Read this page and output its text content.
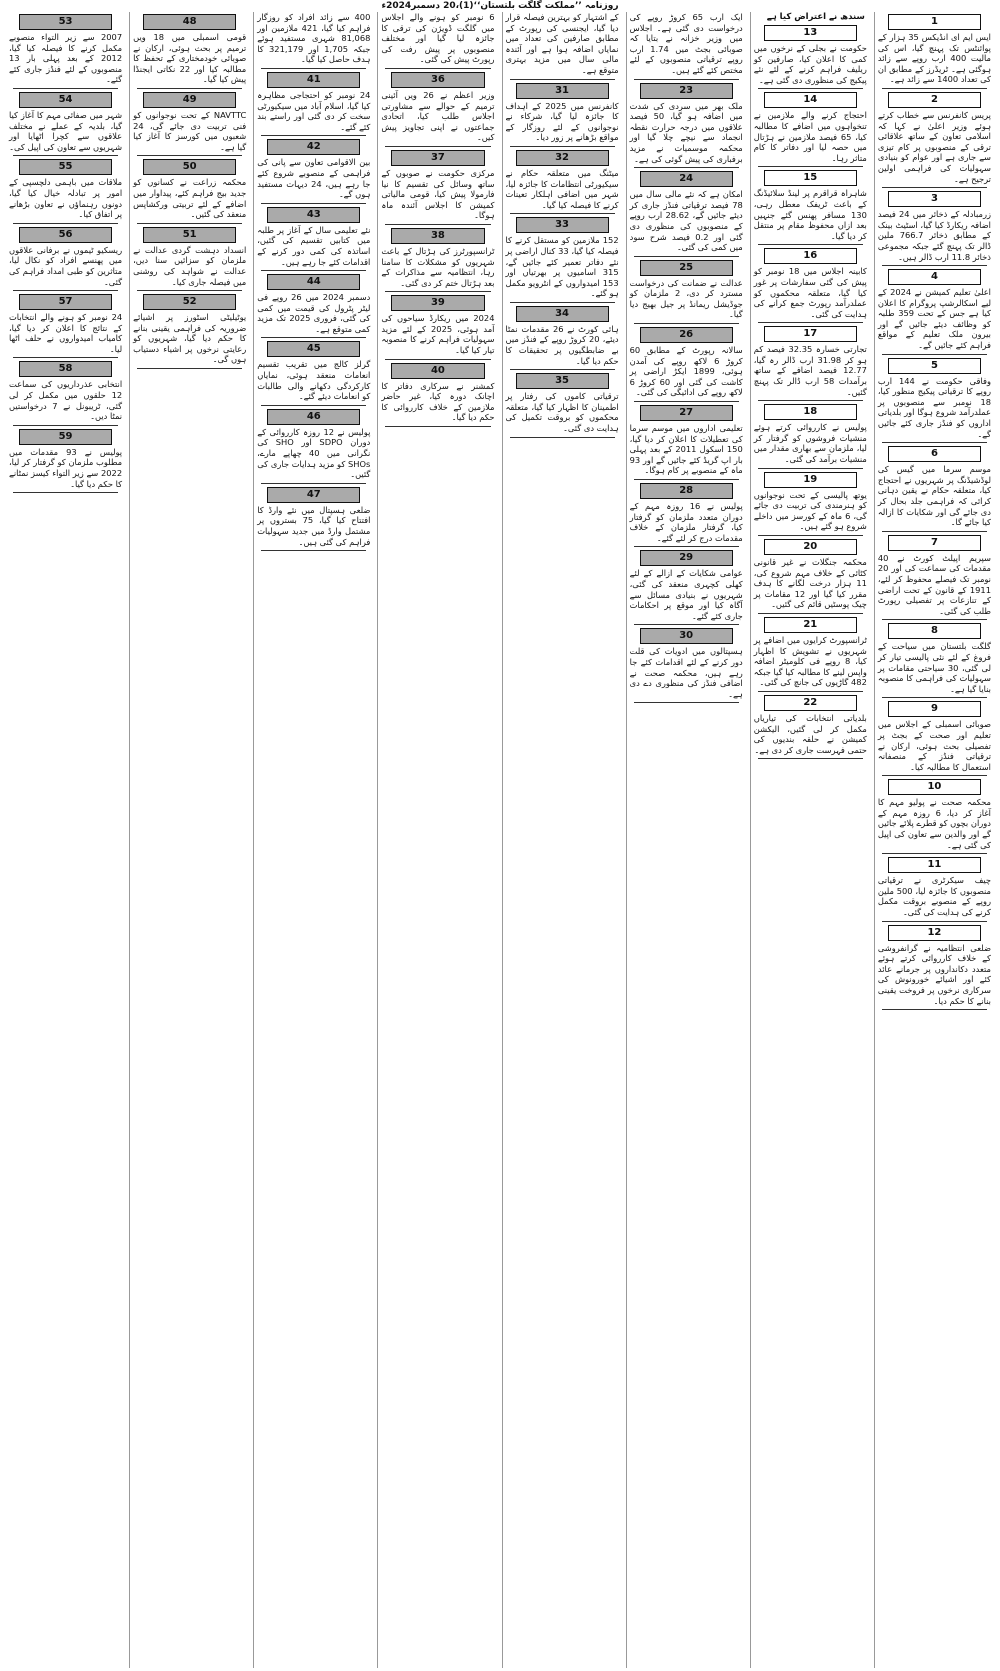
روزنامہ ’’مملکت گلگت بلتستان‘‘(1)،20 دسمبر2024ء
1
ایس ایم ای انڈیکس 35 ہزار کے پوائنٹس تک پہنچ گیا، اس کی مالیت 400 ارب روپے سے زائد ہوگئی ہے۔ ٹریڈرز کے مطابق ان کی تعداد 1400 سے زائد ہے۔
2
پریس کانفرنس سے خطاب کرتے ہوئے وزیر اعلیٰ نے کہا کہ اسلامی تعاون کے ساتھ علاقائی ترقی کے منصوبوں پر کام تیزی سے جاری ہے اور عوام کو بنیادی سہولیات کی فراہمی اولین ترجیح ہے۔
3
زرمبادلہ کے ذخائر میں 24 فیصد اضافہ ریکارڈ کیا گیا، اسٹیٹ بینک کے مطابق ذخائر 766.7 ملین ڈالر تک پہنچ گئے جبکہ مجموعی ذخائر 11.8 ارب ڈالر ہیں۔
4
اعلیٰ تعلیم کمیشن نے 2024 کے لیے اسکالرشپ پروگرام کا اعلان کیا ہے جس کے تحت 359 طلبہ کو وظائف دیئے جائیں گے اور بیرون ملک تعلیم کے مواقع فراہم کئے جائیں گے۔
5
وفاقی حکومت نے 144 ارب روپے کا ترقیاتی پیکیج منظور کیا، 18 نومبر سے منصوبوں پر عملدرآمد شروع ہوگا اور بلدیاتی اداروں کو فنڈز جاری کئے جائیں گے۔
6
موسم سرما میں گیس کی لوڈشیڈنگ پر شہریوں نے احتجاج کیا، متعلقہ حکام نے یقین دہانی کرائی کہ فراہمی جلد بحال کر دی جائے گی اور شکایات کا ازالہ کیا جائے گا۔
7
سپریم اپیلٹ کورٹ نے 40 مقدمات کی سماعت کی اور 20 نومبر تک فیصلے محفوظ کر لئے، 1911 کے قانون کے تحت اراضی کے تنازعات پر تفصیلی رپورٹ طلب کی گئی۔
8
گلگت بلتستان میں سیاحت کے فروغ کے لئے نئی پالیسی تیار کر لی گئی، 30 سیاحتی مقامات پر سہولیات کی فراہمی کا منصوبہ بنایا گیا ہے۔
9
صوبائی اسمبلی کے اجلاس میں تعلیم اور صحت کے بجٹ پر تفصیلی بحث ہوئی، ارکان نے ترقیاتی فنڈز کے منصفانہ استعمال کا مطالبہ کیا۔
10
محکمہ صحت نے پولیو مہم کا آغاز کر دیا، 6 روزہ مہم کے دوران بچوں کو قطرے پلائے جائیں گے اور والدین سے تعاون کی اپیل کی گئی ہے۔
11
چیف سیکرٹری نے ترقیاتی منصوبوں کا جائزہ لیا، 500 ملین روپے کے منصوبے بروقت مکمل کرنے کی ہدایت کی گئی۔
12
ضلعی انتظامیہ نے گرانفروشی کے خلاف کارروائی کرتے ہوئے متعدد دکانداروں پر جرمانے عائد کئے اور اشیائے خورونوش کی سرکاری نرخوں پر فروخت یقینی بنانے کا حکم دیا۔
سندھ نے اعتراض کیا ہے
13
حکومت نے بجلی کے نرخوں میں کمی کا اعلان کیا، صارفین کو ریلیف فراہم کرنے کے لئے نئے پیکیج کی منظوری دی گئی ہے۔
14
احتجاج کرنے والے ملازمین نے تنخواہوں میں اضافے کا مطالبہ کیا، 65 فیصد ملازمین نے ہڑتال میں حصہ لیا اور دفاتر کا کام متاثر رہا۔
15
شاہراہ قراقرم پر لینڈ سلائیڈنگ کے باعث ٹریفک معطل رہی، 130 مسافر پھنس گئے جنہیں بعد ازاں محفوظ مقام پر منتقل کر دیا گیا۔
16
کابینہ اجلاس میں 18 نومبر کو پیش کی گئی سفارشات پر غور کیا گیا، متعلقہ محکموں کو عملدرآمد رپورٹ جمع کرانے کی ہدایت کی گئی۔
17
تجارتی خسارہ 32.35 فیصد کم ہو کر 31.98 ارب ڈالر رہ گیا، 12.77 فیصد اضافے کے ساتھ برآمدات 58 ارب ڈالر تک پہنچ گئیں۔
18
پولیس نے کارروائی کرتے ہوئے منشیات فروشوں کو گرفتار کر لیا، ملزمان سے بھاری مقدار میں منشیات برآمد کی گئی۔
19
یوتھ پالیسی کے تحت نوجوانوں کو ہنرمندی کی تربیت دی جائے گی، 6 ماہ کے کورسز میں داخلے شروع ہو گئے ہیں۔
20
محکمہ جنگلات نے غیر قانونی کٹائی کے خلاف مہم شروع کی، 11 ہزار درخت لگانے کا ہدف مقرر کیا گیا اور 12 مقامات پر چیک پوسٹیں قائم کی گئیں۔
21
ٹرانسپورٹ کرایوں میں اضافے پر شہریوں نے تشویش کا اظہار کیا، 8 روپے فی کلومیٹر اضافہ واپس لینے کا مطالبہ کیا گیا جبکہ 482 گاڑیوں کی جانچ کی گئی۔
22
بلدیاتی انتخابات کی تیاریاں مکمل کر لی گئیں، الیکشن کمیشن نے حلقہ بندیوں کی حتمی فہرست جاری کر دی ہے۔
ایک ارب 65 کروڑ روپے کی درخواست دی گئی ہے۔ اجلاس میں وزیر خزانہ نے بتایا کہ صوبائی بجٹ میں 1.74 ارب روپے ترقیاتی منصوبوں کے لئے مختص کئے گئے ہیں۔
23
ملک بھر میں سردی کی شدت میں اضافہ ہو گیا، 50 فیصد علاقوں میں درجہ حرارت نقطہ انجماد سے نیچے چلا گیا اور محکمہ موسمیات نے مزید برفباری کی پیش گوئی کی ہے۔
24
امکان ہے کہ نئے مالی سال میں 78 فیصد ترقیاتی فنڈز جاری کر دیئے جائیں گے، 28.62 ارب روپے کے منصوبوں کی منظوری دی گئی اور 0.2 فیصد شرح سود میں کمی کی گئی۔
25
عدالت نے ضمانت کی درخواست مسترد کر دی، 2 ملزمان کو جوڈیشل ریمانڈ پر جیل بھیج دیا گیا۔
26
سالانہ رپورٹ کے مطابق 60 کروڑ 6 لاکھ روپے کی آمدن ہوئی، 1899 ایکڑ اراضی پر کاشت کی گئی اور 60 کروڑ 6 لاکھ روپے کی ادائیگی کی گئی۔
27
تعلیمی اداروں میں موسم سرما کی تعطیلات کا اعلان کر دیا گیا، 150 اسکول 2011 کے بعد پہلی بار اپ گریڈ کئے جائیں گے اور 93 ماہ کے منصوبے پر کام ہوگا۔
28
پولیس نے 16 روزہ مہم کے دوران متعدد ملزمان کو گرفتار کیا، گرفتار ملزمان کے خلاف مقدمات درج کر لئے گئے۔
29
عوامی شکایات کے ازالے کے لئے کھلی کچہری منعقد کی گئی، شہریوں نے بنیادی مسائل سے آگاہ کیا اور موقع پر احکامات جاری کئے گئے۔
30
ہسپتالوں میں ادویات کی قلت دور کرنے کے لئے اقدامات کئے جا رہے ہیں، محکمہ صحت نے اضافی فنڈز کی منظوری دے دی ہے۔
کے اشتہار کو بہترین فیصلہ قرار دیا گیا، ایجنسی کی رپورٹ کے مطابق صارفین کی تعداد میں نمایاں اضافہ ہوا ہے اور آئندہ مالی سال میں مزید بہتری متوقع ہے۔
31
کانفرنس میں 2025 کے اہداف کا جائزہ لیا گیا، شرکاء نے نوجوانوں کے لئے روزگار کے مواقع بڑھانے پر زور دیا۔
32
میٹنگ میں متعلقہ حکام نے سیکیورٹی انتظامات کا جائزہ لیا، شہر میں اضافی اہلکار تعینات کرنے کا فیصلہ کیا گیا۔
33
152 ملازمین کو مستقل کرنے کا فیصلہ کیا گیا، 33 کنال اراضی پر نئے دفاتر تعمیر کئے جائیں گے، 315 اسامیوں پر بھرتیاں اور 153 امیدواروں کے انٹرویو مکمل ہو گئے۔
34
ہائی کورٹ نے 26 مقدمات نمٹا دیئے، 20 کروڑ روپے کے فنڈز میں بے ضابطگیوں پر تحقیقات کا حکم دیا گیا۔
35
ترقیاتی کاموں کی رفتار پر اطمینان کا اظہار کیا گیا، متعلقہ محکموں کو بروقت تکمیل کی ہدایت دی گئی۔
6 نومبر کو ہونے والے اجلاس میں گلگت ڈویژن کی ترقی کا جائزہ لیا گیا اور مختلف منصوبوں پر پیش رفت کی رپورٹ پیش کی گئی۔
36
وزیر اعظم نے 26 ویں آئینی ترمیم کے حوالے سے مشاورتی اجلاس طلب کیا، اتحادی جماعتوں نے اپنی تجاویز پیش کیں۔
37
مرکزی حکومت نے صوبوں کے ساتھ وسائل کی تقسیم کا نیا فارمولا پیش کیا، قومی مالیاتی کمیشن کا اجلاس آئندہ ماہ ہوگا۔
38
ٹرانسپورٹرز کی ہڑتال کے باعث شہریوں کو مشکلات کا سامنا رہا، انتظامیہ سے مذاکرات کے بعد ہڑتال ختم کر دی گئی۔
39
2024 میں ریکارڈ سیاحوں کی آمد ہوئی، 2025 کے لئے مزید سہولیات فراہم کرنے کا منصوبہ تیار کیا گیا۔
40
کمشنر نے سرکاری دفاتر کا اچانک دورہ کیا، غیر حاضر ملازمین کے خلاف کارروائی کا حکم دیا گیا۔
400 سے زائد افراد کو روزگار فراہم کیا گیا، 421 ملازمین اور 81,068 شہری مستفید ہوئے جبکہ 1,705 اور 321,179 کا ہدف حاصل کیا گیا۔
41
24 نومبر کو احتجاجی مظاہرہ کیا گیا، اسلام آباد میں سیکیورٹی سخت کر دی گئی اور راستے بند کئے گئے۔
42
بین الاقوامی تعاون سے پانی کی فراہمی کے منصوبے شروع کئے جا رہے ہیں، 24 دیہات مستفید ہوں گے۔
43
نئے تعلیمی سال کے آغاز پر طلبہ میں کتابیں تقسیم کی گئیں، اساتذہ کی کمی دور کرنے کے اقدامات کئے جا رہے ہیں۔
44
دسمبر 2024 میں 26 روپے فی لیٹر پٹرول کی قیمت میں کمی کی گئی، فروری 2025 تک مزید کمی متوقع ہے۔
45
گرلز کالج میں تقریب تقسیم انعامات منعقد ہوئی، نمایاں کارکردگی دکھانے والی طالبات کو انعامات دیئے گئے۔
46
پولیس نے 12 روزہ کارروائی کے دوران SDPO اور SHO کی نگرانی میں 40 چھاپے مارے، SHOs کو مزید ہدایات جاری کی گئیں۔
47
ضلعی ہسپتال میں نئے وارڈ کا افتتاح کیا گیا، 75 بستروں پر مشتمل وارڈ میں جدید سہولیات فراہم کی گئی ہیں۔
48
قومی اسمبلی میں 18 ویں ترمیم پر بحث ہوئی، ارکان نے صوبائی خودمختاری کے تحفظ کا مطالبہ کیا اور 22 نکاتی ایجنڈا پیش کیا گیا۔
49
NAVTTC کے تحت نوجوانوں کو فنی تربیت دی جائے گی، 24 شعبوں میں کورسز کا آغاز کیا گیا ہے۔
50
محکمہ زراعت نے کسانوں کو جدید بیج فراہم کئے، پیداوار میں اضافے کے لئے تربیتی ورکشاپس منعقد کی گئیں۔
51
انسداد دہشت گردی عدالت نے ملزمان کو سزائیں سنا دیں، عدالت نے شواہد کی روشنی میں فیصلہ جاری کیا۔
52
یوٹیلیٹی اسٹورز پر اشیائے ضروریہ کی فراہمی یقینی بنانے کا حکم دیا گیا، شہریوں کو رعایتی نرخوں پر اشیاء دستیاب ہوں گی۔
53
2007 سے زیر التواء منصوبے مکمل کرنے کا فیصلہ کیا گیا، 2012 کے بعد پہلی بار 13 منصوبوں کے لئے فنڈز جاری کئے گئے۔
54
شہر میں صفائی مہم کا آغاز کیا گیا، بلدیہ کے عملے نے مختلف علاقوں سے کچرا اٹھایا اور شہریوں سے تعاون کی اپیل کی۔
55
ملاقات میں باہمی دلچسپی کے امور پر تبادلہ خیال کیا گیا، دونوں رہنماؤں نے تعاون بڑھانے پر اتفاق کیا۔
56
ریسکیو ٹیموں نے برفانی علاقوں میں پھنسے افراد کو نکال لیا، متاثرین کو طبی امداد فراہم کی گئی۔
57
24 نومبر کو ہونے والے انتخابات کے نتائج کا اعلان کر دیا گیا، کامیاب امیدواروں نے حلف اٹھا لیا۔
58
انتخابی عذرداریوں کی سماعت 12 حلقوں میں مکمل کر لی گئی، ٹریبونل نے 7 درخواستیں نمٹا دیں۔
59
پولیس نے 93 مقدمات میں مطلوب ملزمان کو گرفتار کر لیا، 2022 سے زیر التواء کیسز نمٹانے کا حکم دیا گیا۔
